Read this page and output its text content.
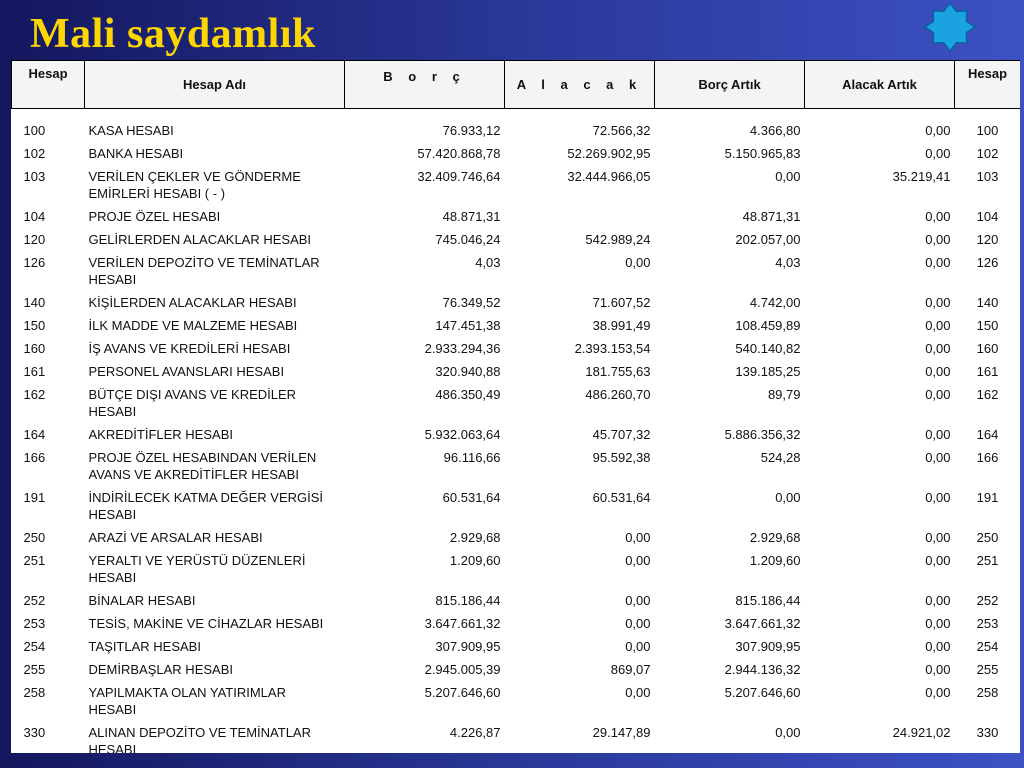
Mali saydamlık
Hesap	Hesap Adı	B o r ç	A l a c a k	Borç Artık	Alacak Artık	Hesap

100	KASA HESABI	76.933,12	72.566,32	4.366,80	0,00	100
102	BANKA HESABI	57.420.868,78	52.269.902,95	5.150.965,83	0,00	102
103	VERİLEN ÇEKLER VE GÖNDERME EMİRLERİ HESABI ( - )	32.409.746,64	32.444.966,05	0,00	35.219,41	103
104	PROJE ÖZEL HESABI	48.871,31		48.871,31	0,00	104
120	GELİRLERDEN ALACAKLAR HESABI	745.046,24	542.989,24	202.057,00	0,00	120
126	VERİLEN DEPOZİTO VE TEMİNATLAR HESABI	4,03	0,00	4,03	0,00	126
140	KİŞİLERDEN ALACAKLAR HESABI	76.349,52	71.607,52	4.742,00	0,00	140
150	İLK MADDE VE MALZEME HESABI	147.451,38	38.991,49	108.459,89	0,00	150
160	İŞ AVANS VE KREDİLERİ HESABI	2.933.294,36	2.393.153,54	540.140,82	0,00	160
161	PERSONEL AVANSLARI HESABI	320.940,88	181.755,63	139.185,25	0,00	161
162	BÜTÇE DIŞI AVANS VE KREDİLER HESABI	486.350,49	486.260,70	89,79	0,00	162
164	AKREDİTİFLER HESABI	5.932.063,64	45.707,32	5.886.356,32	0,00	164
166	PROJE ÖZEL HESABINDAN VERİLEN AVANS VE AKREDİTİFLER HESABI	96.116,66	95.592,38	524,28	0,00	166
191	İNDİRİLECEK KATMA DEĞER VERGİSİ HESABI	60.531,64	60.531,64	0,00	0,00	191
250	ARAZİ VE ARSALAR HESABI	2.929,68	0,00	2.929,68	0,00	250
251	YERALTI VE YERÜSTÜ DÜZENLERİ HESABI	1.209,60	0,00	1.209,60	0,00	251
252	BİNALAR HESABI	815.186,44	0,00	815.186,44	0,00	252
253	TESİS, MAKİNE VE CİHAZLAR HESABI	3.647.661,32	0,00	3.647.661,32	0,00	253
254	TAŞITLAR HESABI	307.909,95	0,00	307.909,95	0,00	254
255	DEMİRBAŞLAR HESABI	2.945.005,39	869,07	2.944.136,32	0,00	255
258	YAPILMAKTA OLAN YATIRIMLAR HESABI	5.207.646,60	0,00	5.207.646,60	0,00	258
330	ALINAN DEPOZİTO VE TEMİNATLAR HESABI	4.226,87	29.147,89	0,00	24.921,02	330
